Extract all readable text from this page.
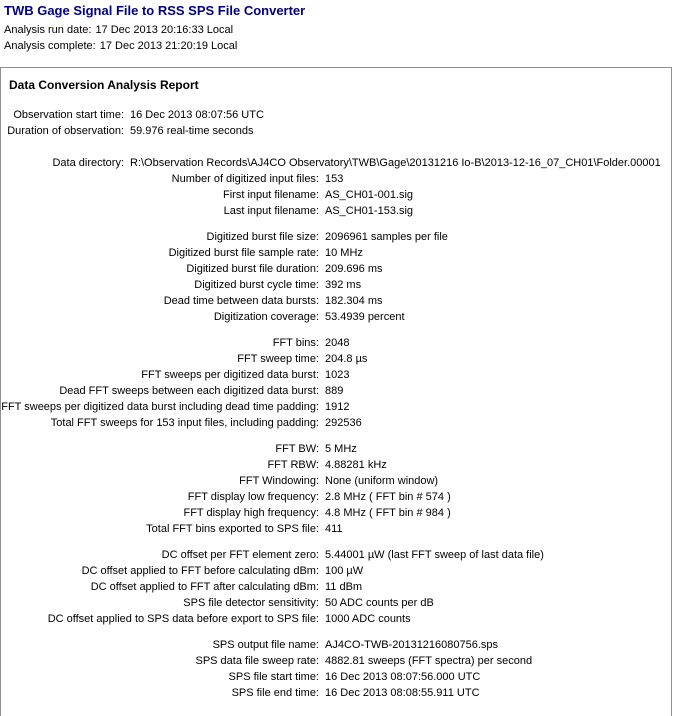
TWB Gage Signal File to RSS SPS File Converter
Analysis run date: 17 Dec 2013 20:16:33 Local
Analysis complete: 17 Dec 2013 21:20:19 Local
Data Conversion Analysis Report
Observation start time: 16 Dec 2013 08:07:56 UTC
Duration of observation: 59.976 real-time seconds
Data directory: R:\Observation Records\AJ4CO Observatory\TWB\Gage\20131216 Io-B\2013-12-16_07_CH01\Folder.00001
Number of digitized input files: 153
First input filename: AS_CH01-001.sig
Last input filename: AS_CH01-153.sig
Digitized burst file size: 2096961 samples per file
Digitized burst file sample rate: 10 MHz
Digitized burst file duration: 209.696 ms
Digitized burst cycle time: 392 ms
Dead time between data bursts: 182.304 ms
Digitization coverage: 53.4939 percent
FFT bins: 2048
FFT sweep time: 204.8 µs
FFT sweeps per digitized data burst: 1023
Dead FFT sweeps between each digitized data burst: 889
FFT sweeps per digitized data burst including dead time padding: 1912
Total FFT sweeps for 153 input files, including padding: 292536
FFT BW: 5 MHz
FFT RBW: 4.88281 kHz
FFT Windowing: None (uniform window)
FFT display low frequency: 2.8 MHz ( FFT bin # 574 )
FFT display high frequency: 4.8 MHz ( FFT bin # 984 )
Total FFT bins exported to SPS file: 411
DC offset per FFT element zero: 5.44001 µW (last FFT sweep of last data file)
DC offset applied to FFT before calculating dBm: 100 µW
DC offset applied to FFT after calculating dBm: 11 dBm
SPS file detector sensitivity: 50 ADC counts per dB
DC offset applied to SPS data before export to SPS file: 1000 ADC counts
SPS output file name: AJ4CO-TWB-20131216080756.sps
SPS data file sweep rate: 4882.81 sweeps (FFT spectra) per second
SPS file start time: 16 Dec 2013 08:07:56.000 UTC
SPS file end time: 16 Dec 2013 08:08:55.911 UTC
